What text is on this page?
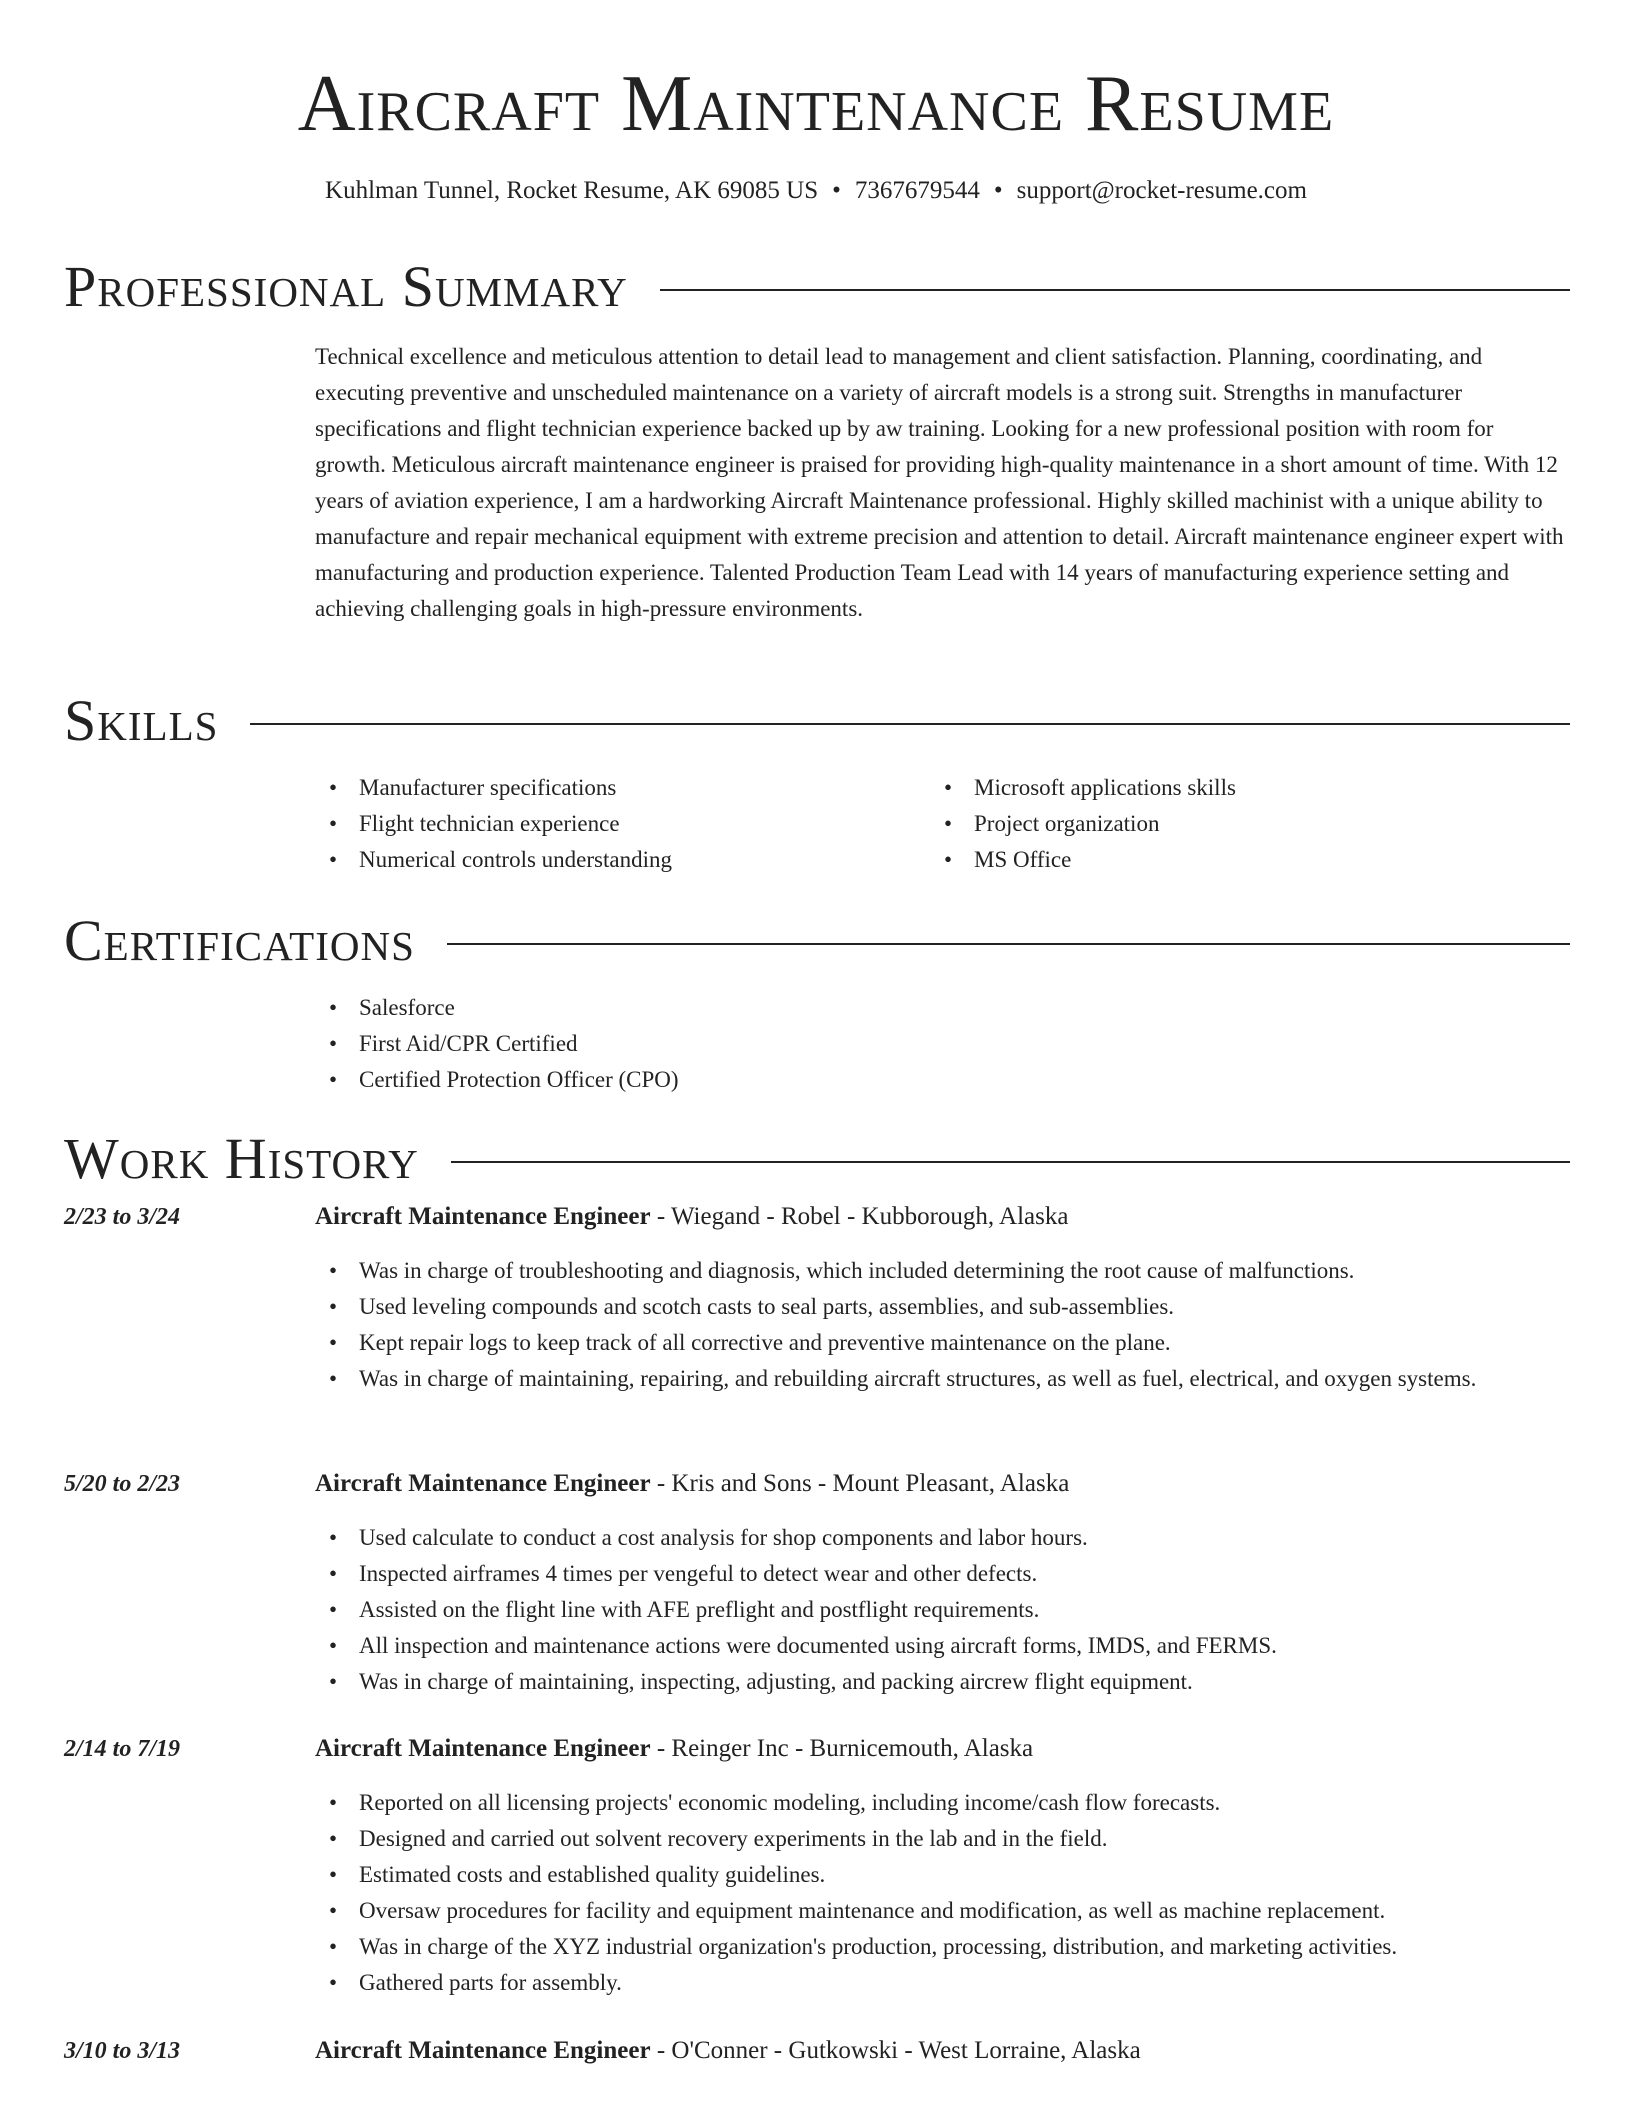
Aircraft Maintenance Resume
Kuhlman Tunnel, Rocket Resume, AK 69085 US • 7367679544 • support@rocket-resume.com
Professional Summary

Technical excellence and meticulous attention to detail lead to management and client satisfaction. Planning, coordinating, and executing preventive and unscheduled maintenance on a variety of aircraft models is a strong suit. Strengths in manufacturer specifications and flight technician experience backed up by aw training. Looking for a new professional position with room for growth. Meticulous aircraft maintenance engineer is praised for providing high-quality maintenance in a short amount of time. With 12 years of aviation experience, I am a hardworking Aircraft Maintenance professional. Highly skilled machinist with a unique ability to manufacture and repair mechanical equipment with extreme precision and attention to detail. Aircraft maintenance engineer expert with manufacturing and production experience. Talented Production Team Lead with 14 years of manufacturing experience setting and achieving challenging goals in high-pressure environments.

Skills
• Manufacturer specifications
• Flight technician experience
• Numerical controls understanding
• Microsoft applications skills
• Project organization
• MS Office
Certifications
• Salesforce
• First Aid/CPR Certified
• Certified Protection Officer (CPO)
Work History
2/23 to 3/24	Aircraft Maintenance Engineer - Wiegand - Robel - Kubborough, Alaska
• Was in charge of troubleshooting and diagnosis, which included determining the root cause of malfunctions.
• Used leveling compounds and scotch casts to seal parts, assemblies, and sub-assemblies.
• Kept repair logs to keep track of all corrective and preventive maintenance on the plane.
• Was in charge of maintaining, repairing, and rebuilding aircraft structures, as well as fuel, electrical, and oxygen systems.
5/20 to 2/23	Aircraft Maintenance Engineer - Kris and Sons - Mount Pleasant, Alaska
• Used calculate to conduct a cost analysis for shop components and labor hours.
• Inspected airframes 4 times per vengeful to detect wear and other defects.
• Assisted on the flight line with AFE preflight and postflight requirements.
• All inspection and maintenance actions were documented using aircraft forms, IMDS, and FERMS.
• Was in charge of maintaining, inspecting, adjusting, and packing aircrew flight equipment.
2/14 to 7/19	Aircraft Maintenance Engineer - Reinger Inc - Burnicemouth, Alaska
• Reported on all licensing projects' economic modeling, including income/cash flow forecasts.
• Designed and carried out solvent recovery experiments in the lab and in the field.
• Estimated costs and established quality guidelines.
• Oversaw procedures for facility and equipment maintenance and modification, as well as machine replacement.
• Was in charge of the XYZ industrial organization's production, processing, distribution, and marketing activities.
• Gathered parts for assembly.
3/10 to 3/13	Aircraft Maintenance Engineer - O'Conner - Gutkowski - West Lorraine, Alaska
